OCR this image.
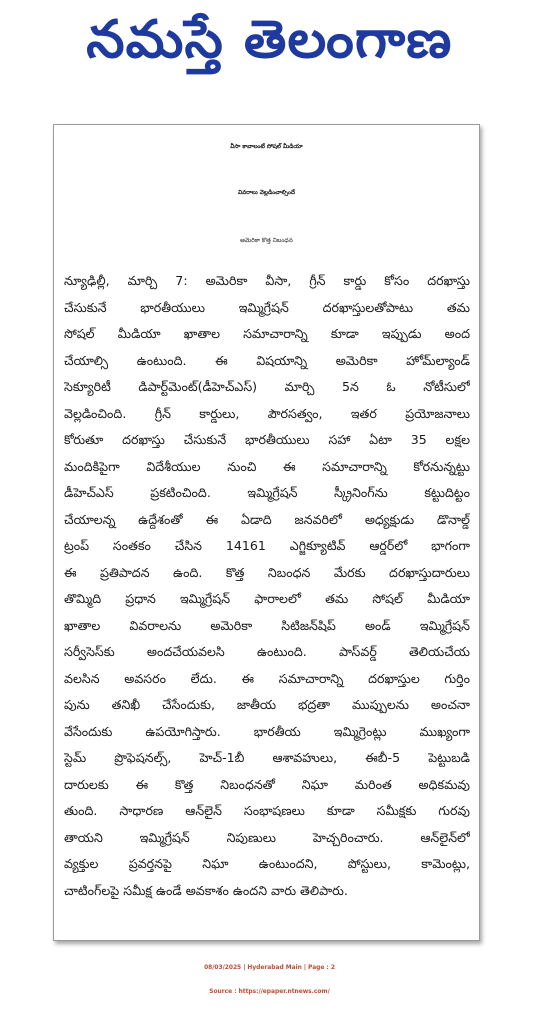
నమస్తే తెలంగాణ
వీసా కావాలంటే సోషల్ మీడియా
వివరాలు వెల్లడించాల్సిందే
అమెరికా కొత్త నిబంధన
న్యూఢిల్లీ, మార్చి 7: అమెరికా వీసా, గ్రీన్ కార్డు కోసం దరఖాస్తు
చేసుకునే భారతీయులు ఇమ్మిగ్రేషన్ దరఖాస్తులతోపాటు తమ
సోషల్ మీడియా ఖాతాల సమాచారాన్ని కూడా ఇప్పుడు అంద
చేయాల్సి ఉంటుంది. ఈ విషయాన్ని అమెరికా హోమ్‌ల్యాండ్
సెక్యూరిటీ డిపార్ట్‌మెంట్(డీహెచ్‌ఎస్) మార్చి 5న ఓ నోటీసులో
వెల్లడించింది. గ్రీన్ కార్డులు, పౌరసత్వం, ఇతర ప్రయోజనాలు
కోరుతూ దరఖాస్తు చేసుకునే భారతీయులు సహా ఏటా 35 లక్షల
మందికిపైగా విదేశీయుల నుంచి ఈ సమాచారాన్ని కోరనున్నట్టు
డీహెచ్‌ఎస్ ప్రకటించింది. ఇమ్మిగ్రేషన్ స్క్రీనింగ్‌ను కట్టుదిట్టం
చేయాలన్న ఉద్దేశంతో ఈ ఏడాది జనవరిలో అధ్యక్షుడు డొనాల్డ్
ట్రంప్ సంతకం చేసిన 14161 ఎగ్జిక్యూటివ్ ఆర్డర్‌లో భాగంగా
ఈ ప్రతిపాదన ఉంది. కొత్త నిబంధన మేరకు దరఖాస్తుదారులు
తొమ్మిది ప్రధాన ఇమ్మిగ్రేషన్ ఫారాలలో తమ సోషల్ మీడియా
ఖాతాల వివరాలను అమెరికా సిటిజన్‌షిప్ అండ్ ఇమ్మిగ్రేషన్
సర్వీసెస్‌కు అందచేయవలసి ఉంటుంది. పాస్‌వర్డ్ తెలియచేయ
వలసిన అవసరం లేదు. ఈ సమాచారాన్ని దరఖాస్తుల గుర్తిం
పును తనిఖీ చేసేందుకు, జాతీయ భద్రతా ముప్పులను అంచనా
వేసేందుకు ఉపయోగిస్తారు. భారతీయ ఇమ్మిగ్రెంట్లు ముఖ్యంగా
స్టెమ్ ప్రొఫెషనల్స్, హెచ్-1బీ ఆశావహులు, ఈబీ-5 పెట్టుబడి
దారులకు ఈ కొత్త నిబంధనతో నిఘా మరింత అధికమవు
తుంది. సాధారణ ఆన్‌లైన్ సంభాషణలు కూడా సమీక్షకు గురవు
తాయని ఇమ్మిగ్రేషన్ నిపుణులు హెచ్చరించారు. ఆన్‌లైన్‌లో
వ్యక్తుల ప్రవర్తనపై నిఘా ఉంటుందని, పోస్టులు, కామెంట్లు,
చాటింగ్‌లపై సమీక్ష ఉండే అవకాశం ఉందని వారు తెలిపారు.
08/03/2025 | Hyderabad Main | Page : 2
Source : https://epaper.ntnews.com/
